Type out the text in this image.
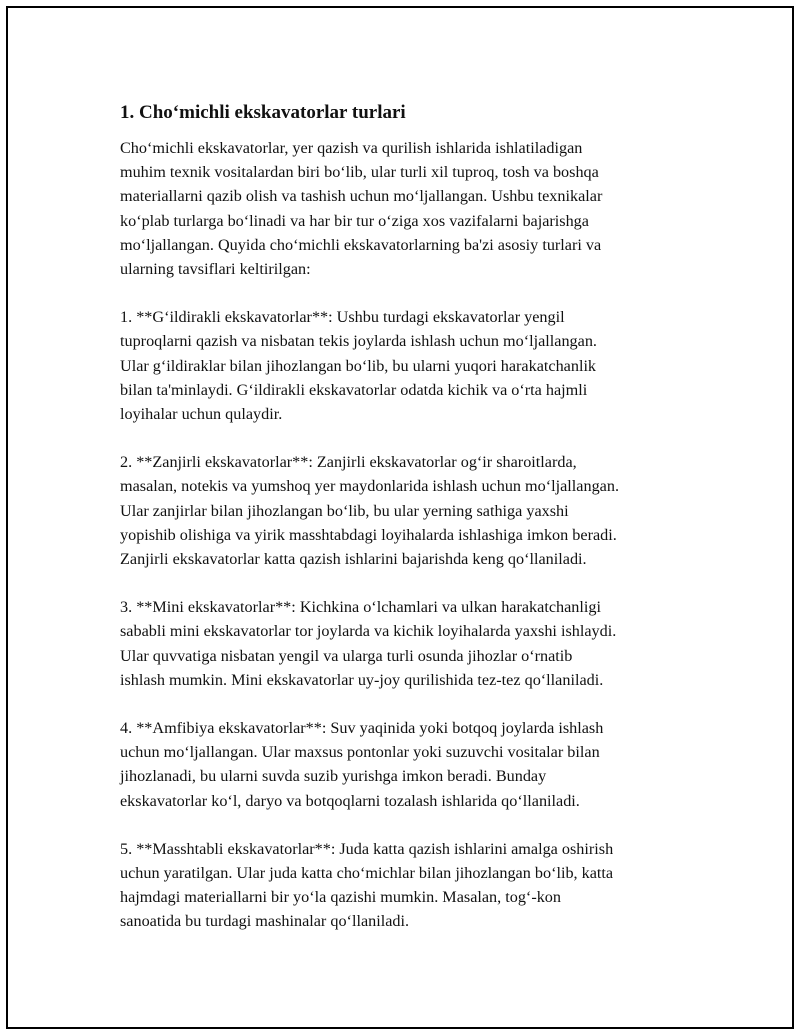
1. Cho‘michli ekskavatorlar turlari

Cho‘michli ekskavatorlar, yer qazish va qurilish ishlarida ishlatiladigan
muhim texnik vositalardan biri bo‘lib, ular turli xil tuproq, tosh va boshqa
materiallarni qazib olish va tashish uchun mo‘ljallangan. Ushbu texnikalar
ko‘plab turlarga bo‘linadi va har bir tur o‘ziga xos vazifalarni bajarishga
mo‘ljallangan. Quyida cho‘michli ekskavatorlarning ba'zi asosiy turlari va
ularning tavsiflari keltirilgan:

1. **G‘ildirakli ekskavatorlar**: Ushbu turdagi ekskavatorlar yengil
tuproqlarni qazish va nisbatan tekis joylarda ishlash uchun mo‘ljallangan.
Ular g‘ildiraklar bilan jihozlangan bo‘lib, bu ularni yuqori harakatchanlik
bilan ta'minlaydi. G‘ildirakli ekskavatorlar odatda kichik va o‘rta hajmli
loyihalar uchun qulaydir.

2. **Zanjirli ekskavatorlar**: Zanjirli ekskavatorlar og‘ir sharoitlarda,
masalan, notekis va yumshoq yer maydonlarida ishlash uchun mo‘ljallangan.
Ular zanjirlar bilan jihozlangan bo‘lib, bu ular yerning sathiga yaxshi
yopishib olishiga va yirik masshtabdagi loyihalarda ishlashiga imkon beradi.
Zanjirli ekskavatorlar katta qazish ishlarini bajarishda keng qo‘llaniladi.

3. **Mini ekskavatorlar**: Kichkina o‘lchamlari va ulkan harakatchanligi
sababli mini ekskavatorlar tor joylarda va kichik loyihalarda yaxshi ishlaydi.
Ular quvvatiga nisbatan yengil va ularga turli osunda jihozlar o‘rnatib
ishlash mumkin. Mini ekskavatorlar uy-joy qurilishida tez-tez qo‘llaniladi.

4. **Amfibiya ekskavatorlar**: Suv yaqinida yoki botqoq joylarda ishlash
uchun mo‘ljallangan. Ular maxsus pontonlar yoki suzuvchi vositalar bilan
jihozlanadi, bu ularni suvda suzib yurishga imkon beradi. Bunday
ekskavatorlar ko‘l, daryo va botqoqlarni tozalash ishlarida qo‘llaniladi.

5. **Masshtabli ekskavatorlar**: Juda katta qazish ishlarini amalga oshirish
uchun yaratilgan. Ular juda katta cho‘michlar bilan jihozlangan bo‘lib, katta
hajmdagi materiallarni bir yo‘la qazishi mumkin. Masalan, tog‘-kon
sanoatida bu turdagi mashinalar qo‘llaniladi.
